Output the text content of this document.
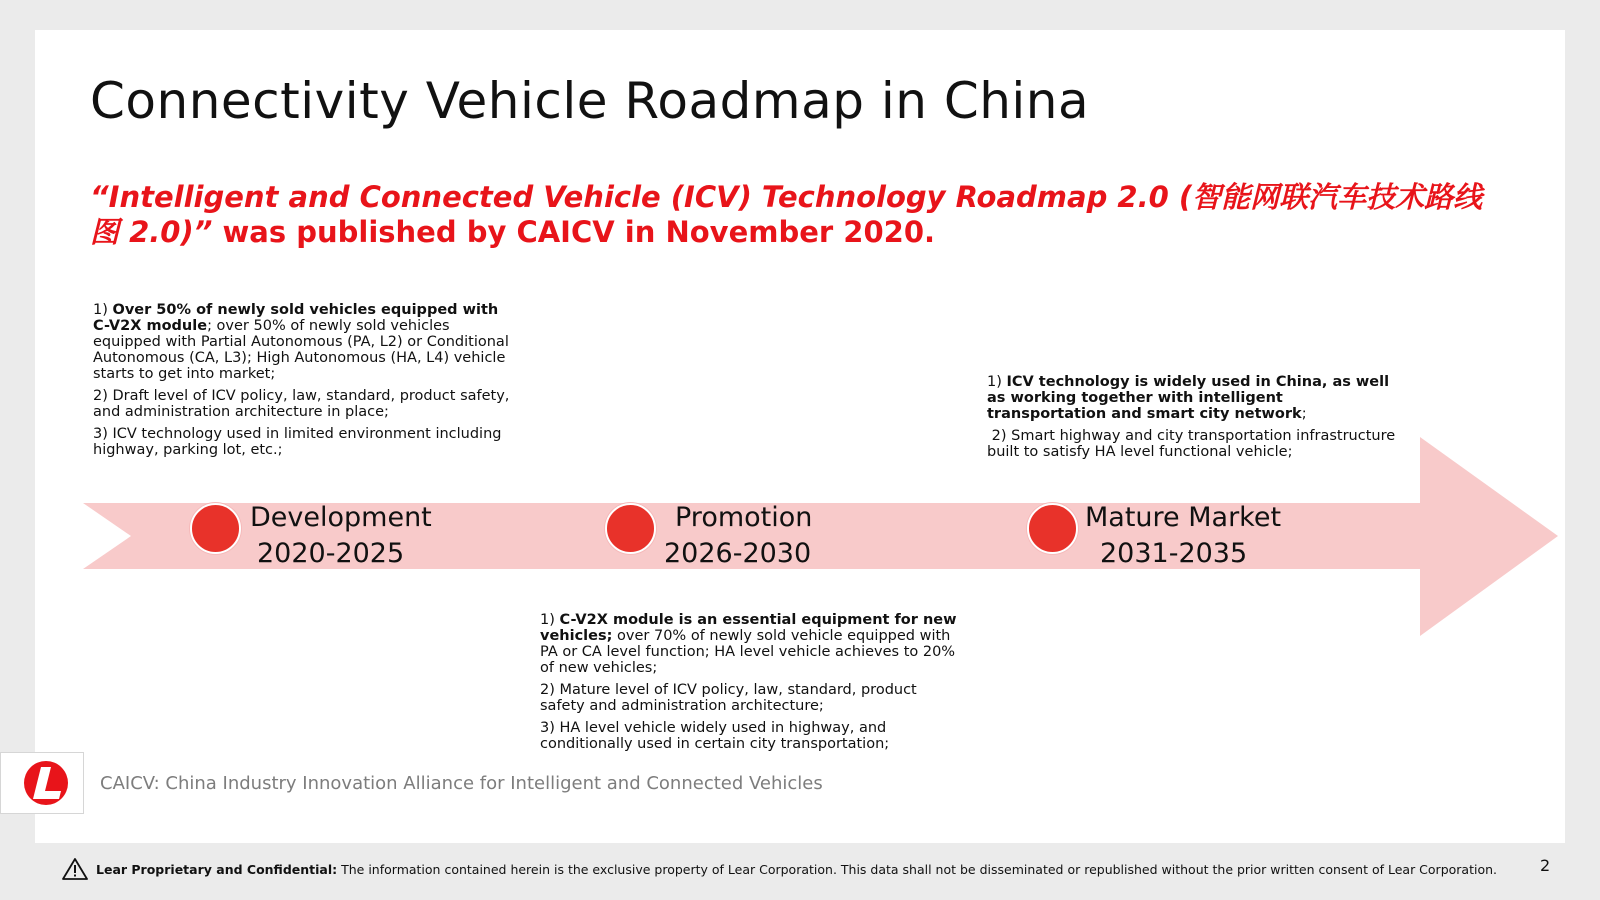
Connectivity Vehicle Roadmap in China
“Intelligent and Connected Vehicle (ICV) Technology Roadmap 2.0 (智能网联汽车技术路线图 2.0)” was published by CAICV in November 2020.

1) Over 50% of newly sold vehicles equipped with C-V2X module; over 50% of newly sold vehicles equipped with Partial Autonomous (PA, L2) or Conditional Autonomous (CA, L3); High Autonomous (HA, L4) vehicle starts to get into market;

2) Draft level of ICV policy, law, standard, product safety, and administration architecture in place;

3) ICV technology used in limited environment including highway, parking lot, etc.;

1) ICV technology is widely used in China, as well as working together with intelligent transportation and smart city network;

2) Smart highway and city transportation infrastructure built to satisfy HA level functional vehicle;

Development
2020-2025
Promotion
2026-2030
Mature Market
2031-2035

1) C-V2X module is an essential equipment for new vehicles; over 70% of newly sold vehicle equipped with PA or CA level function; HA level vehicle achieves to 20% of new vehicles;

2) Mature level of ICV policy, law, standard, product safety and administration architecture;

3) HA level vehicle widely used in highway, and conditionally used in certain city transportation;

CAICV: China Industry Innovation Alliance for Intelligent and Connected Vehicles
Lear Proprietary and Confidential: The information contained herein is the exclusive property of Lear Corporation. This data shall not be disseminated or republished without the prior written consent of Lear Corporation.	2
